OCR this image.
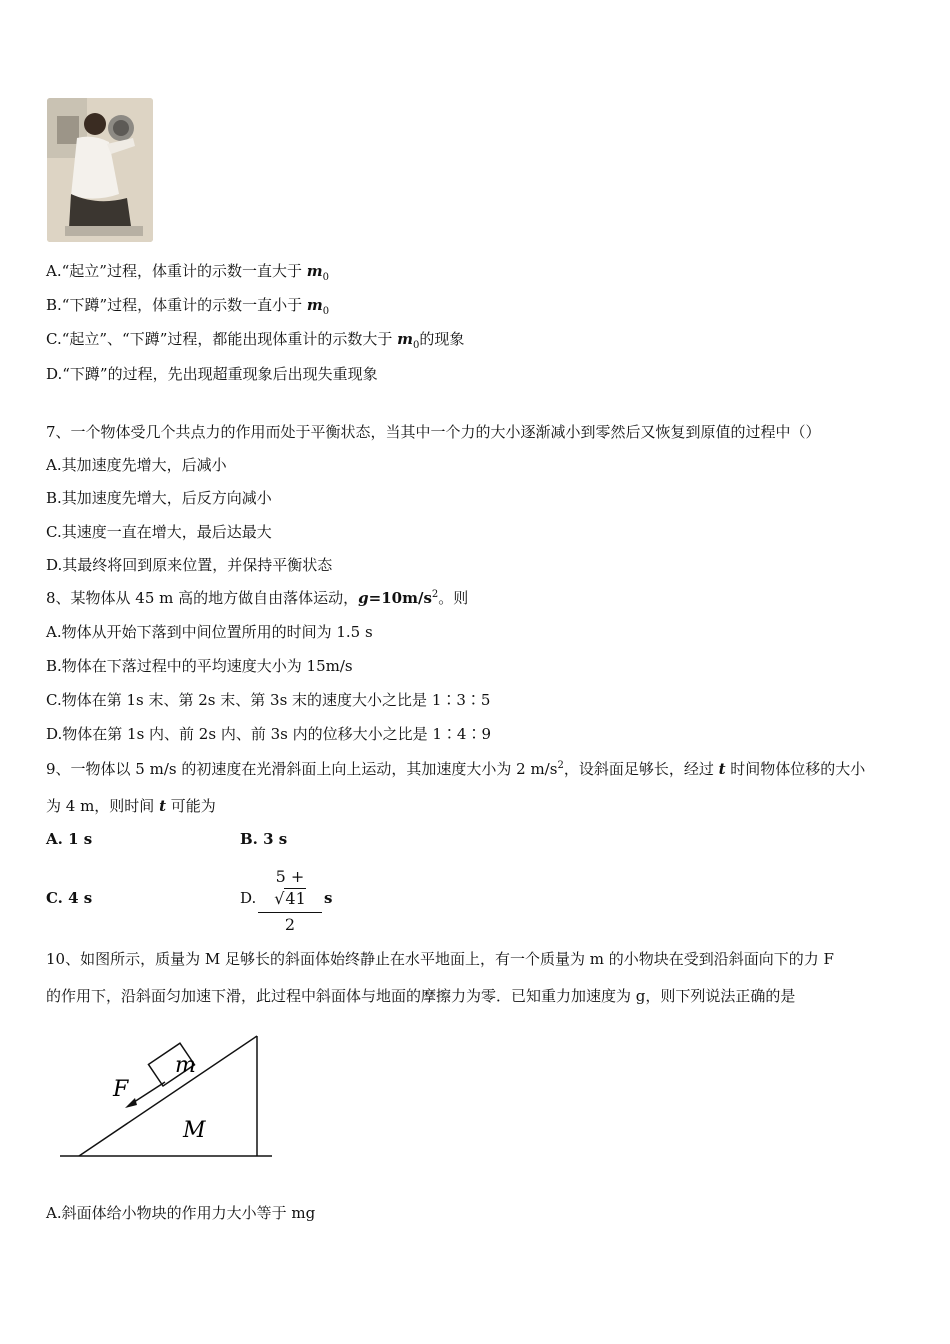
A.“起立”过程，体重计的示数一直大于 $m_0$
B.“下蹲”过程，体重计的示数一直小于 $m_0$
C.“起立”、“下蹲”过程，都能出现体重计的示数大于 $m_0$的现象
D.“下蹲”的过程，先出现超重现象后出现失重现象
7、一个物体受几个共点力的作用而处于平衡状态，当其中一个力的大小逐渐减小到零然后又恢复到原值的过程中（）
A.其加速度先增大，后减小
B.其加速度先增大，后反方向减小
C.其速度一直在增大，最后达最大
D.其最终将回到原来位置，并保持平衡状态
8、某物体从 45 m 高的地方做自由落体运动，$g=10m/s^2$。则
A.物体从开始下落到中间位置所用的时间为 1.5 s
B.物体在下落过程中的平均速度大小为 15m/s
C.物体在第 1s 末、第 2s 末、第 3s 末的速度大小之比是 1∶3∶5
D.物体在第 1s 内、前 2s 内、前 3s 内的位移大小之比是 1∶4∶9
9、一物体以 5 m/s 的初速度在光滑斜面上向上运动，其加速度大小为 2 $m/s^2$，设斜面足够长，经过 t 时间物体位移的大小
为 4 m，则时间 t 可能为
A. 1 s	B. 3 s
C. 4 s	D.
5 + √41
2
s
10、如图所示，质量为 M 足够长的斜面体始终静止在水平地面上，有一个质量为 m 的小物块在受到沿斜面向下的力 F
的作用下，沿斜面匀加速下滑，此过程中斜面体与地面的摩擦力为零．已知重力加速度为 g，则下列说法正确的是
m
F
M
A.斜面体给小物块的作用力大小等于 mg
